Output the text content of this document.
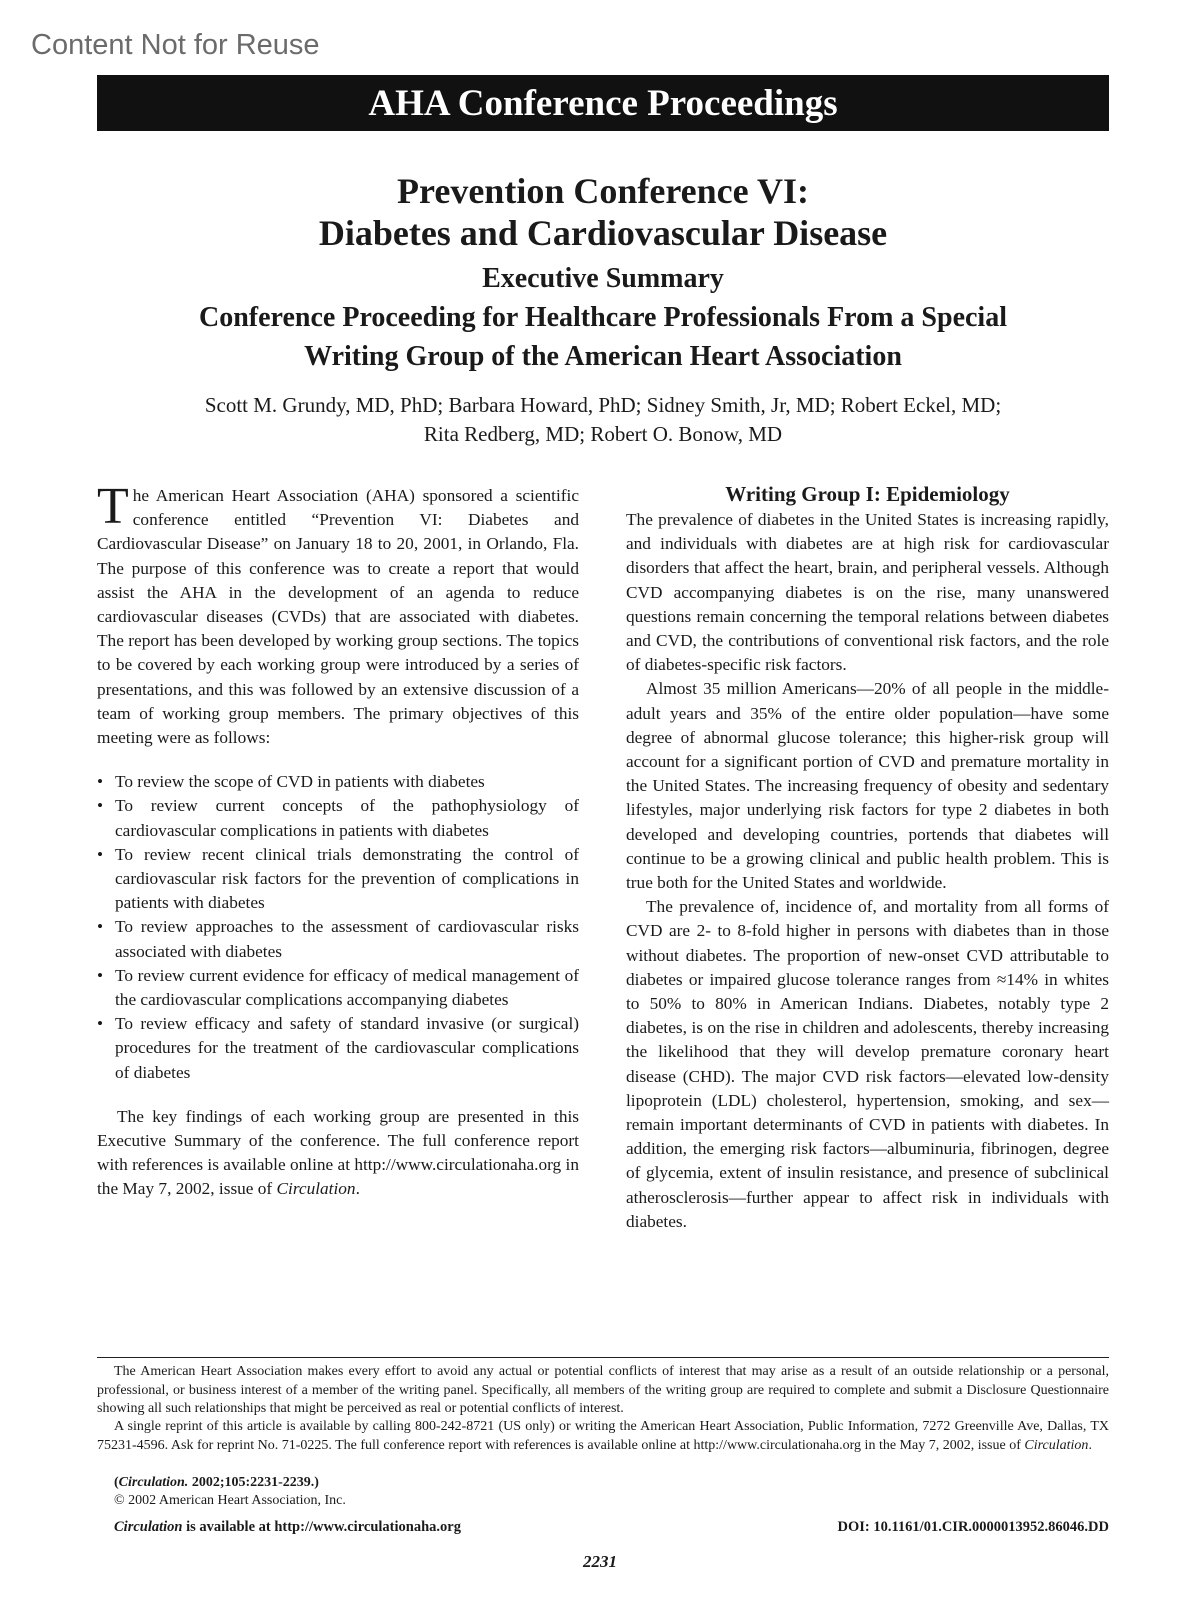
Content Not for Reuse
AHA Conference Proceedings
Prevention Conference VI:
Diabetes and Cardiovascular Disease
Executive Summary
Conference Proceeding for Healthcare Professionals From a Special
Writing Group of the American Heart Association
Scott M. Grundy, MD, PhD; Barbara Howard, PhD; Sidney Smith, Jr, MD; Robert Eckel, MD;
Rita Redberg, MD; Robert O. Bonow, MD

The American Heart Association (AHA) sponsored a scientific conference entitled “Prevention VI: Diabetes and Cardiovascular Disease” on January 18 to 20, 2001, in Orlando, Fla. The purpose of this conference was to create a report that would assist the AHA in the development of an agenda to reduce cardiovascular diseases (CVDs) that are associated with diabetes. The report has been developed by working group sections. The topics to be covered by each working group were introduced by a series of presentations, and this was followed by an extensive discussion of a team of working group members. The primary objectives of this meeting were as follows:

• To review the scope of CVD in patients with diabetes
• To review current concepts of the pathophysiology of cardiovascular complications in patients with diabetes
• To review recent clinical trials demonstrating the control of cardiovascular risk factors for the prevention of complications in patients with diabetes
• To review approaches to the assessment of cardiovascular risks associated with diabetes
• To review current evidence for efficacy of medical management of the cardiovascular complications accompanying diabetes
• To review efficacy and safety of standard invasive (or surgical) procedures for the treatment of the cardiovascular complications of diabetes

The key findings of each working group are presented in this Executive Summary of the conference. The full conference report with references is available online at http://www.circulationaha.org in the May 7, 2002, issue of Circulation.

Writing Group I: Epidemiology

The prevalence of diabetes in the United States is increasing rapidly, and individuals with diabetes are at high risk for cardiovascular disorders that affect the heart, brain, and peripheral vessels. Although CVD accompanying diabetes is on the rise, many unanswered questions remain concerning the temporal relations between diabetes and CVD, the contributions of conventional risk factors, and the role of diabetes-specific risk factors.

Almost 35 million Americans—20% of all people in the middle-adult years and 35% of the entire older population—have some degree of abnormal glucose tolerance; this higher-risk group will account for a significant portion of CVD and premature mortality in the United States. The increasing frequency of obesity and sedentary lifestyles, major underlying risk factors for type 2 diabetes in both developed and developing countries, portends that diabetes will continue to be a growing clinical and public health problem. This is true both for the United States and worldwide.

The prevalence of, incidence of, and mortality from all forms of CVD are 2- to 8-fold higher in persons with diabetes than in those without diabetes. The proportion of new-onset CVD attributable to diabetes or impaired glucose tolerance ranges from ≈14% in whites to 50% to 80% in American Indians. Diabetes, notably type 2 diabetes, is on the rise in children and adolescents, thereby increasing the likelihood that they will develop premature coronary heart disease (CHD). The major CVD risk factors—elevated low-density lipoprotein (LDL) cholesterol, hypertension, smoking, and sex—remain important determinants of CVD in patients with diabetes. In addition, the emerging risk factors—albuminuria, fibrinogen, degree of glycemia, extent of insulin resistance, and presence of subclinical atherosclerosis—further appear to affect risk in individuals with diabetes.

The American Heart Association makes every effort to avoid any actual or potential conflicts of interest that may arise as a result of an outside relationship or a personal, professional, or business interest of a member of the writing panel. Specifically, all members of the writing group are required to complete and submit a Disclosure Questionnaire showing all such relationships that might be perceived as real or potential conflicts of interest.

A single reprint of this article is available by calling 800-242-8721 (US only) or writing the American Heart Association, Public Information, 7272 Greenville Ave, Dallas, TX 75231-4596. Ask for reprint No. 71-0225. The full conference report with references is available online at http://www.circulationaha.org in the May 7, 2002, issue of Circulation.

(Circulation. 2002;105:2231-2239.)
© 2002 American Heart Association, Inc.
Circulation is available at http://www.circulationaha.org	DOI: 10.1161/01.CIR.0000013952.86046.DD
2231
